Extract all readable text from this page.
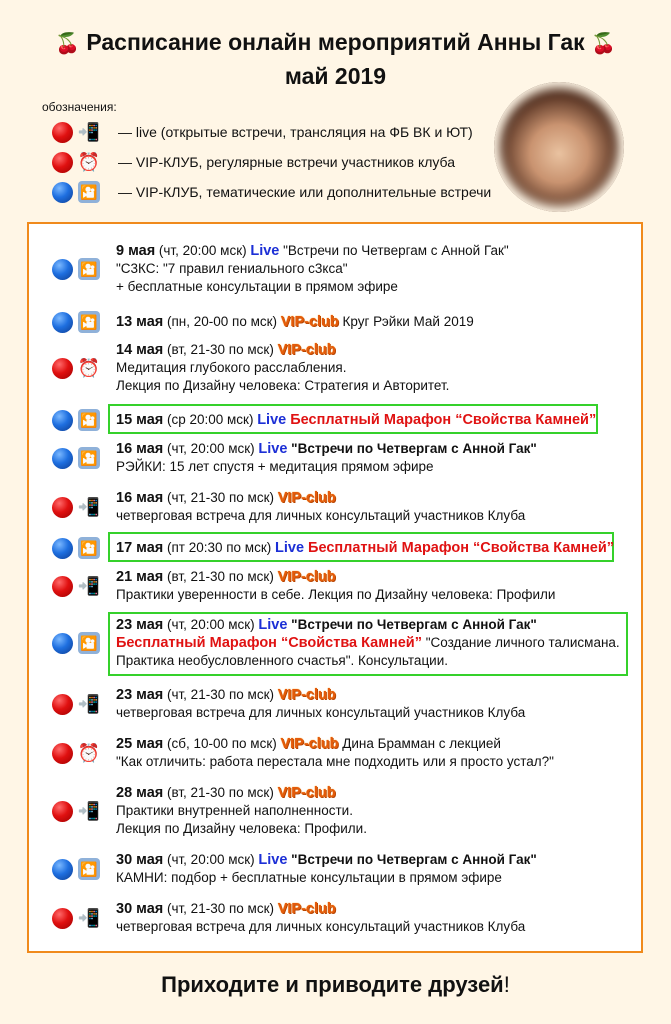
🍒 Расписание онлайн мероприятий Анны Гак 🍒
май 2019
обозначения:
📲 — live (открытые встречи, трансляция на ФБ ВК и ЮТ)
⏰ — VIP-КЛУБ, регулярные встречи участников клуба
🎦 — VIP-КЛУБ, тематические или дополнительные встречи
🎦
9 мая (чт, 20:00 мск) Live "Встречи по Четвергам с Анной Гак"
"С3КС: "7 правил гениального с3кса"
+ бесплатные консультации в прямом эфире
🎦 13 мая (пн, 20-00 по мск) VIP-club Круг Рэйки Май 2019
⏰
14 мая (вт, 21-30 по мск) VIP-club
Медитация глубокого расслабления.
Лекция по Дизайну человека: Стратегия и Авторитет.
🎦 15 мая (ср 20:00 мск) Live Бесплатный Марафон “Свойства Камней”
🎦
16 мая (чт, 20:00 мск) Live "Встречи по Четвергам с Анной Гак"
РЭЙКИ: 15 лет спустя + медитация прямом эфире
📲 16 мая (чт, 21-30 по мск) VIP-club
четверговая встреча для личных консультаций участников Клуба
🎦 17 мая (пт 20:30 по мск) Live Бесплатный Марафон “Свойства Камней”
📲 21 мая (вт, 21-30 по мск) VIP-club
Практики уверенности в себе. Лекция по Дизайну человека: Профили
🎦
23 мая (чт, 20:00 мск) Live "Встречи по Четвергам с Анной Гак"
Бесплатный Марафон “Свойства Камней” "Создание личного талисмана.
Практика необусловленного счастья". Консультации.
📲 23 мая (чт, 21-30 по мск) VIP-club
четверговая встреча для личных консультаций участников Клуба
⏰ 25 мая (сб, 10-00 по мск) VIP-club Дина Брамман с лекцией
"Как отличить: работа перестала мне подходить или я просто устал?"
📲
28 мая (вт, 21-30 по мск) VIP-club
Практики внутренней наполненности.
Лекция по Дизайну человека: Профили.
🎦
30 мая (чт, 20:00 мск) Live "Встречи по Четвергам с Анной Гак"
КАМНИ: подбор + бесплатные консультации в прямом эфире
📲 30 мая (чт, 21-30 по мск) VIP-club
четверговая встреча для личных консультаций участников Клуба
Приходите и приводите друзей!
